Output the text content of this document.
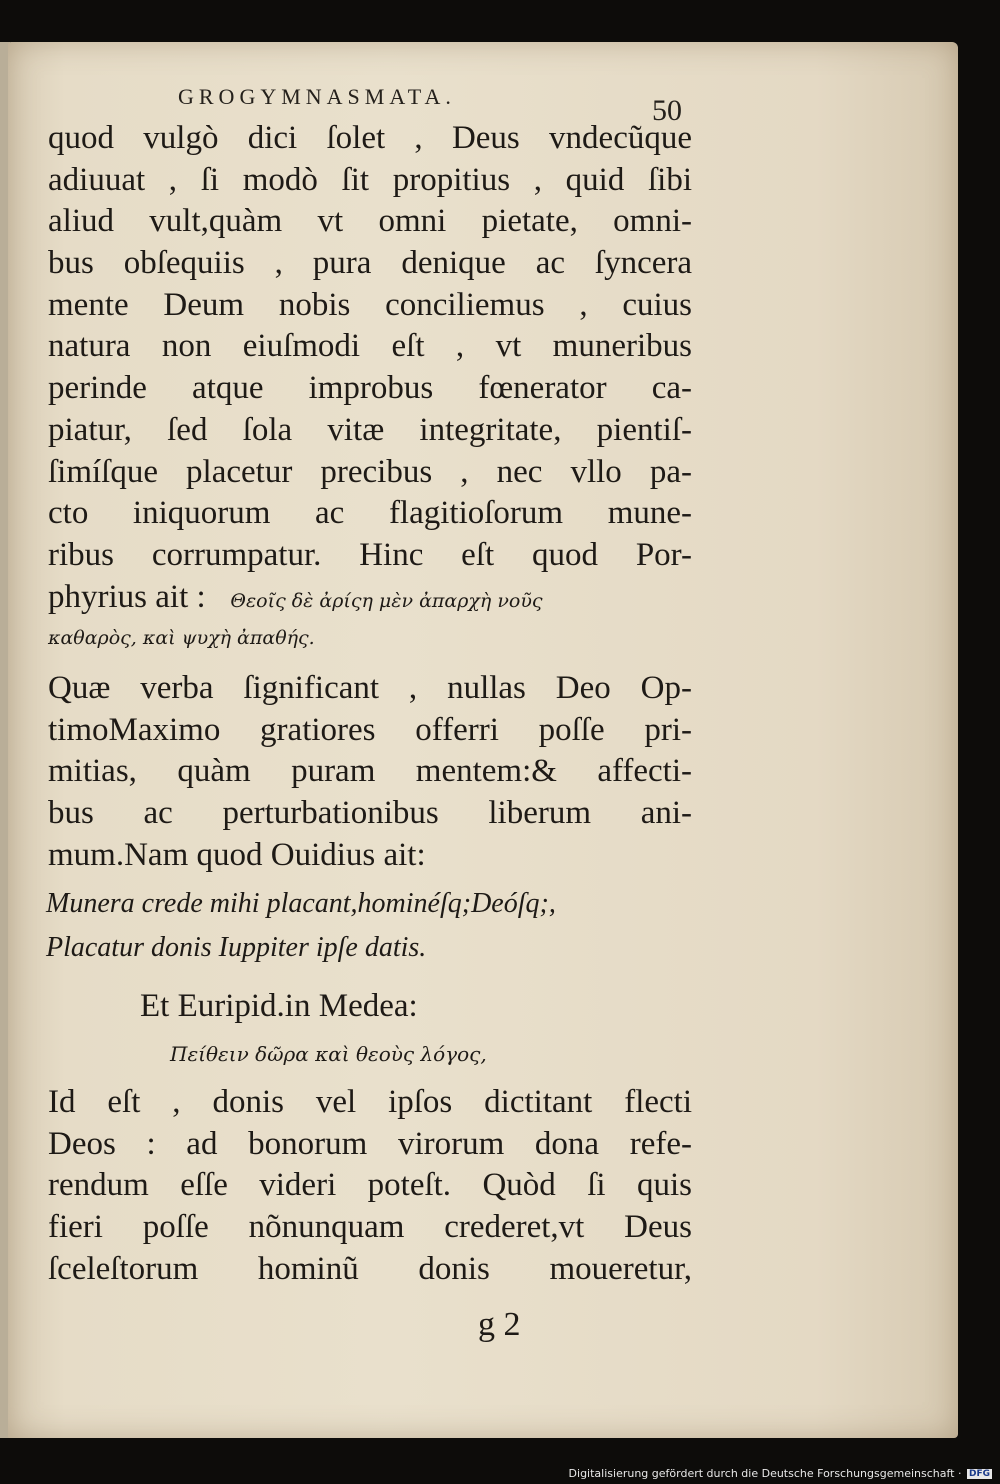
GROGYMNASMATA.	50
quod vulgò dici ſolet , Deus vndecũque
adiuuat , ſi modò ſit propitius , quid ſibi
aliud vult,quàm vt omni pietate, omni-
bus obſequiis , pura denique ac ſyncera
mente Deum nobis conciliemus , cuius
natura non eiuſmodi eſt , vt muneribus
perinde atque improbus fœnerator ca-
piatur, ſed ſola vitæ integritate, pientiſ-
ſimíſque placetur precibus , nec vllo pa-
cto iniquorum ac flagitioſorum mune-
ribus corrumpatur. Hinc eſt quod Por-
phyrius ait : Θεοῖς δὲ ἀρίςη μὲν ἀπαρχὴ νοῦς
καθαρὸς, καὶ ψυχὴ ἀπαθής.
Quæ verba ſignificant , nullas Deo Op-
timoMaximo gratiores offerri poſſe pri-
mitias, quàm puram mentem:& affecti-
bus ac perturbationibus liberum ani-
mum.Nam quod Ouidius ait:
Munera crede mihi placant,hominéſq;Deóſq;,
Placatur donis Iuppiter ipſe datis.
Et Euripid.in Medea:
Πείθειν δῶρα καὶ θεοὺς λόγος,
Id eſt , donis vel ipſos dictitant flecti
Deos : ad bonorum virorum dona refe-
rendum eſſe videri poteſt. Quòd ſi quis
fieri poſſe nõnunquam crederet,vt Deus
ſceleſtorum hominũ donis moueretur,
g 2
Digitalisierung gefördert durch die Deutsche Forschungsgemeinschaft · DFG
